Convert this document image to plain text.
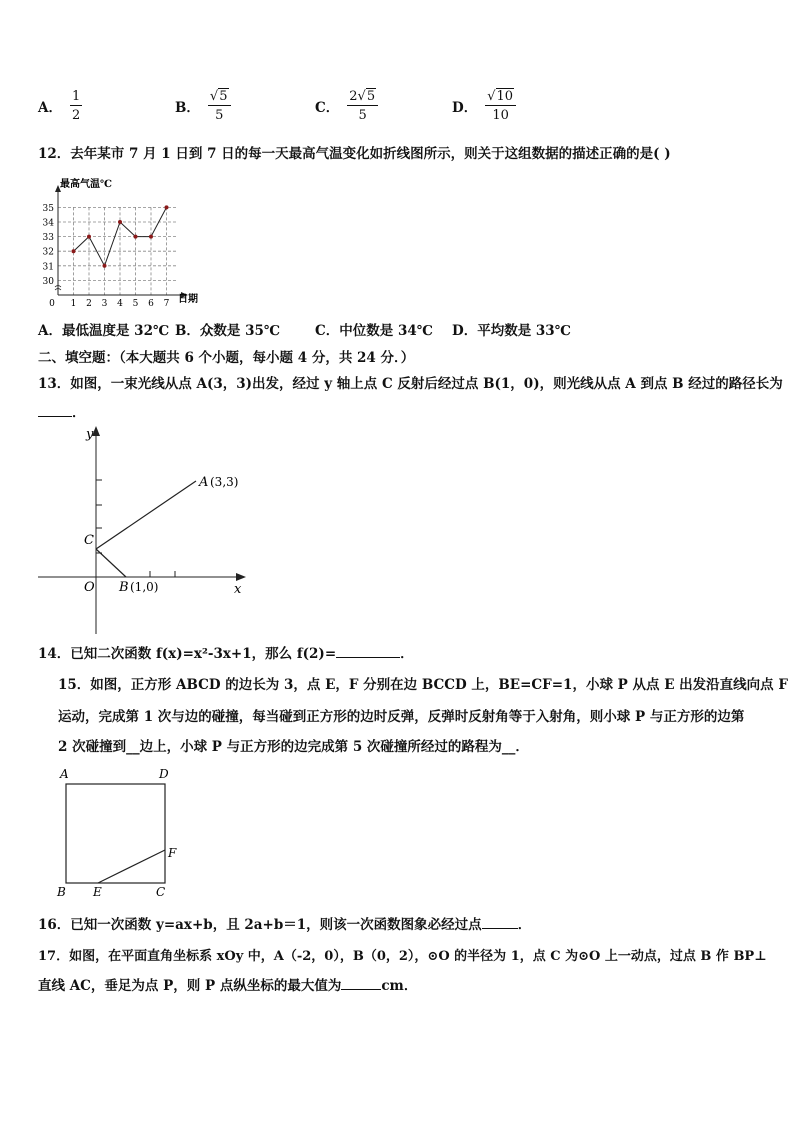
A． $\frac{1}{2}$	B． $\frac{√5}{5}$	C． $\frac{2√5}{5}$	D． $\frac{√10}{10}$
12．去年某市 7 月 1 日到 7 日的每一天最高气温变化如折线图所示，则关于这组数据的描述正确的是( )
35
34
33
32
31
30
0 1 2 3 4 5 6 7
最高气温℃
日期
A．最低温度是 32℃ B．众数是 35℃	C．中位数是 34℃ D．平均数是 33℃
二、填空题：（本大题共 6 个小题，每小题 4 分，共 24 分．）
13．如图，一束光线从点 A(3，3)出发，经过 y 轴上点 C 反射后经过点 B(1，0)，则光线从点 A 到点 B 经过的路径长为
．
C
O
y
x
A (3,3)
B (1,0)
14．已知二次函数 f(x)=x²-3x+1，那么 f(2)=	．
15．如图，正方形 ABCD 的边长为 3，点 E，F 分别在边 BCCD 上，BE=CF=1，小球 P 从点 E 出发沿直线向点 F
运动，完成第 1 次与边的碰撞，每当碰到正方形的边时反弹，反弹时反射角等于入射角，则小球 P 与正方形的边第
2 次碰撞到__边上，小球 P 与正方形的边完成第 5 次碰撞所经过的路程为__．
A	D
B E	C
F
16．已知一次函数 y=ax+b，且 2a+b＝1，则该一次函数图象必经过点	．
17．如图，在平面直角坐标系 xOy 中，A（-2，0），B（0，2），⊙O 的半径为 1，点 C 为⊙O 上一动点，过点 B 作 BP⊥
直线 AC，垂足为点 P，则 P 点纵坐标的最大值为	cm．
